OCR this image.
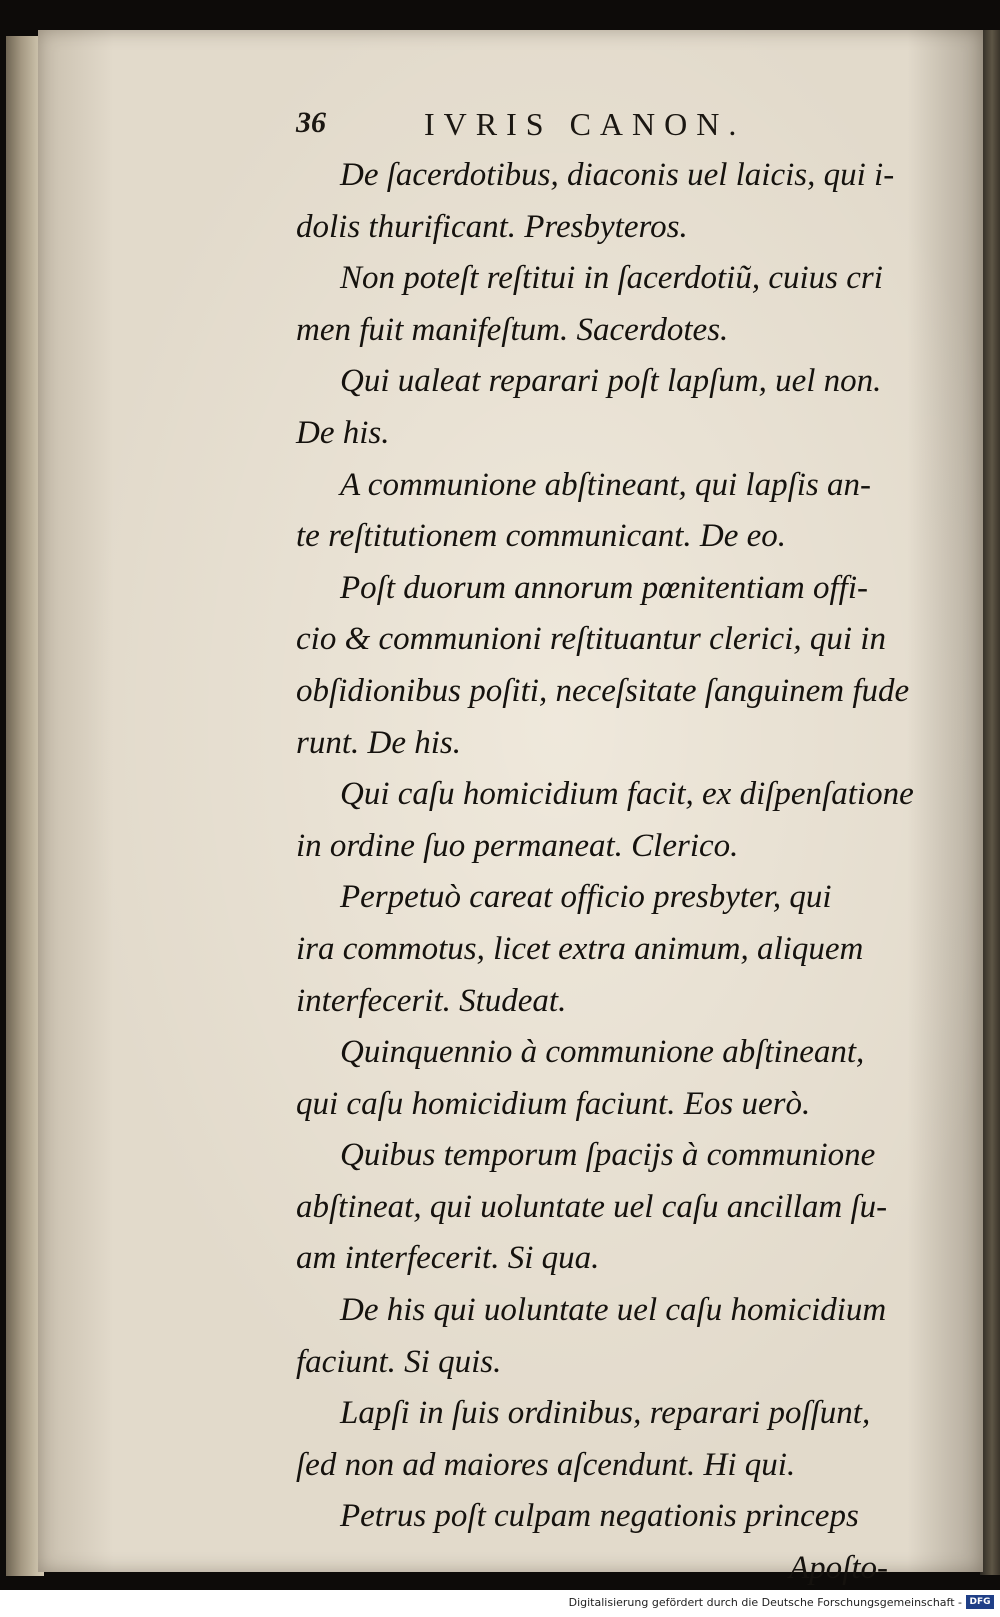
36	IVRIS CANON.
De ſacerdotibus, diaconis uel laicis, qui i-
dolis thurificant. Presbyteros.
Non poteſt reſtitui in ſacerdotiũ, cuius cri
men fuit manifeſtum. Sacerdotes.
Qui ualeat reparari poſt lapſum, uel non.
De his.
A communione abſtineant, qui lapſis an-
te reſtitutionem communicant. De eo.
Poſt duorum annorum pœnitentiam offi-
cio & communioni reſtituantur clerici, qui in
obſidionibus poſiti, neceſsitate ſanguinem fude
runt. De his.
Qui caſu homicidium facit, ex diſpenſatione
in ordine ſuo permaneat. Clerico.
Perpetuò careat officio presbyter, qui
ira commotus, licet extra animum, aliquem
interfecerit. Studeat.
Quinquennio à communione abſtineant,
qui caſu homicidium faciunt. Eos uerò.
Quibus temporum ſpacijs à communione
abſtineat, qui uoluntate uel caſu ancillam ſu-
am interfecerit. Si qua.
De his qui uoluntate uel caſu homicidium
faciunt. Si quis.
Lapſi in ſuis ordinibus, reparari poſſunt,
ſed non ad maiores aſcendunt. Hi qui.
Petrus poſt culpam negationis princeps
Apoſto-
Digitalisierung gefördert durch die Deutsche Forschungsgemeinschaft - DFG
